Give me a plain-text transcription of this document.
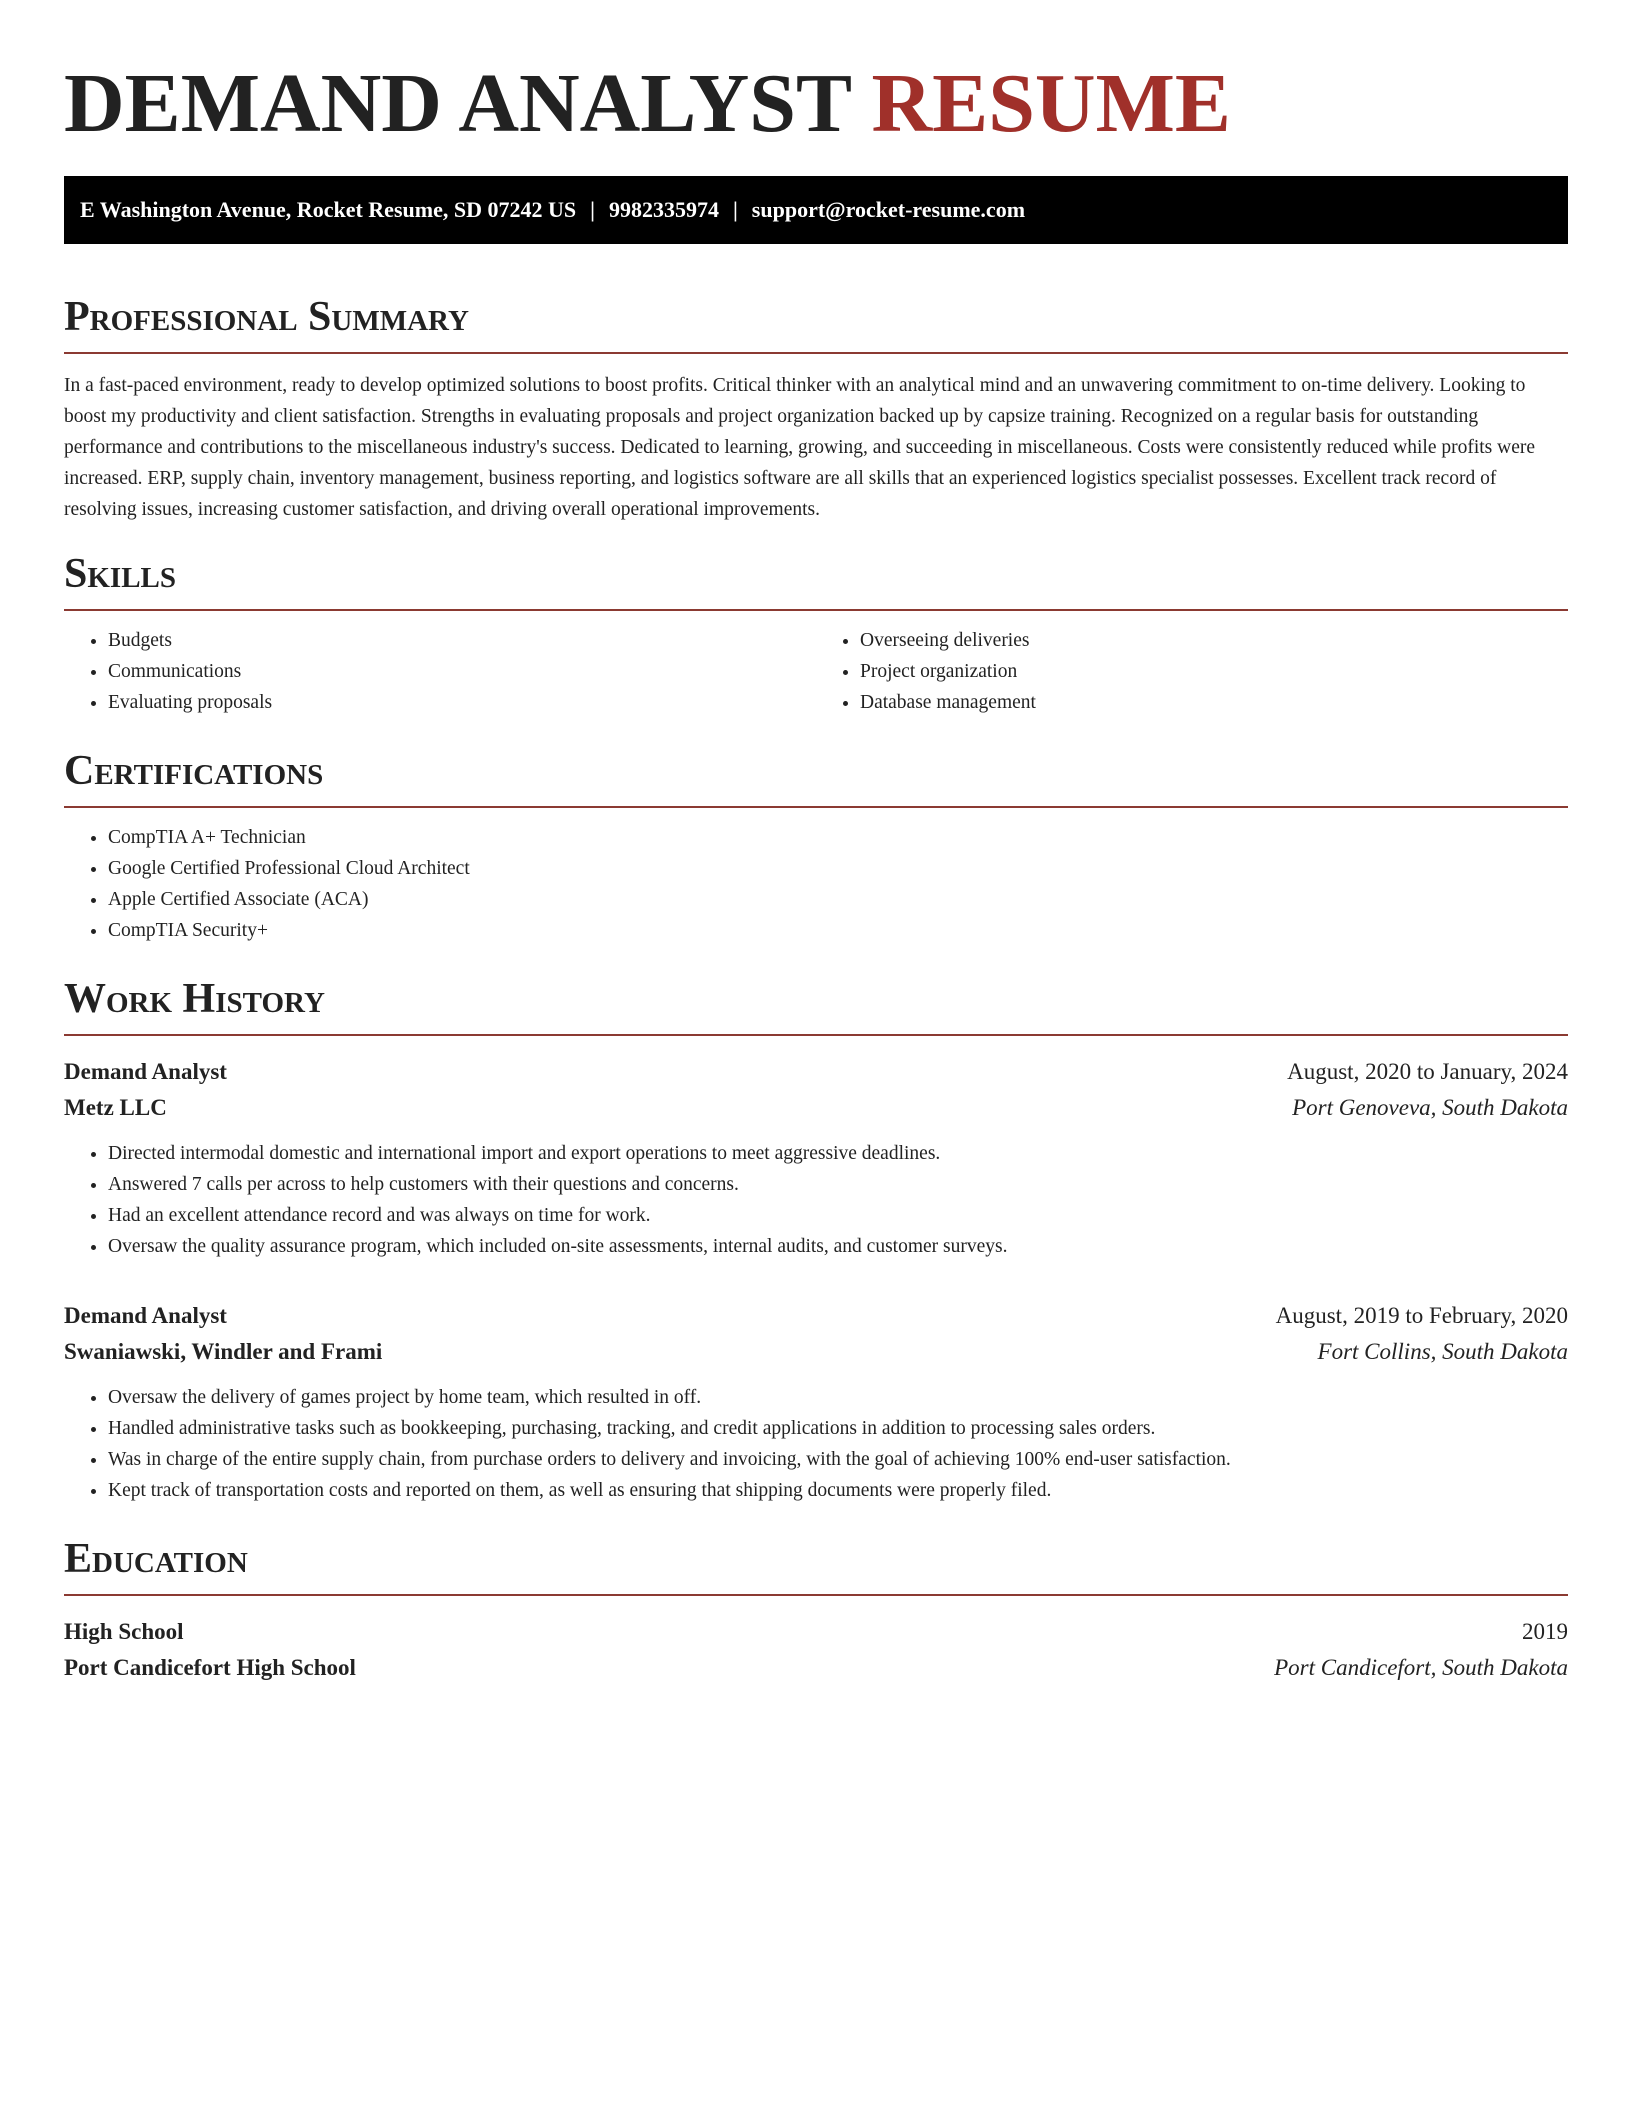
DEMAND ANALYST RESUME
E Washington Avenue, Rocket Resume, SD 07242 US | 9982335974 | support@rocket-resume.com
Professional Summary

In a fast-paced environment, ready to develop optimized solutions to boost profits. Critical thinker with an analytical mind and an unwavering commitment to on-time delivery. Looking to boost my productivity and client satisfaction. Strengths in evaluating proposals and project organization backed up by capsize training. Recognized on a regular basis for outstanding performance and contributions to the miscellaneous industry's success. Dedicated to learning, growing, and succeeding in miscellaneous. Costs were consistently reduced while profits were increased. ERP, supply chain, inventory management, business reporting, and logistics software are all skills that an experienced logistics specialist possesses. Excellent track record of resolving issues, increasing customer satisfaction, and driving overall operational improvements.

Skills
• Budgets
• Communications
• Evaluating proposals
• Overseeing deliveries
• Project organization
• Database management
Certifications
• CompTIA A+ Technician
• Google Certified Professional Cloud Architect
• Apple Certified Associate (ACA)
• CompTIA Security+
Work History
Demand Analyst	August, 2020 to January, 2024
Metz LLC	Port Genoveva, South Dakota
• Directed intermodal domestic and international import and export operations to meet aggressive deadlines.
• Answered 7 calls per across to help customers with their questions and concerns.
• Had an excellent attendance record and was always on time for work.
• Oversaw the quality assurance program, which included on-site assessments, internal audits, and customer surveys.
Demand Analyst	August, 2019 to February, 2020
Swaniawski, Windler and Frami	Fort Collins, South Dakota
• Oversaw the delivery of games project by home team, which resulted in off.
• Handled administrative tasks such as bookkeeping, purchasing, tracking, and credit applications in addition to processing sales orders.
• Was in charge of the entire supply chain, from purchase orders to delivery and invoicing, with the goal of achieving 100% end-user satisfaction.
• Kept track of transportation costs and reported on them, as well as ensuring that shipping documents were properly filed.
Education
High School	2019
Port Candicefort High School	Port Candicefort, South Dakota
